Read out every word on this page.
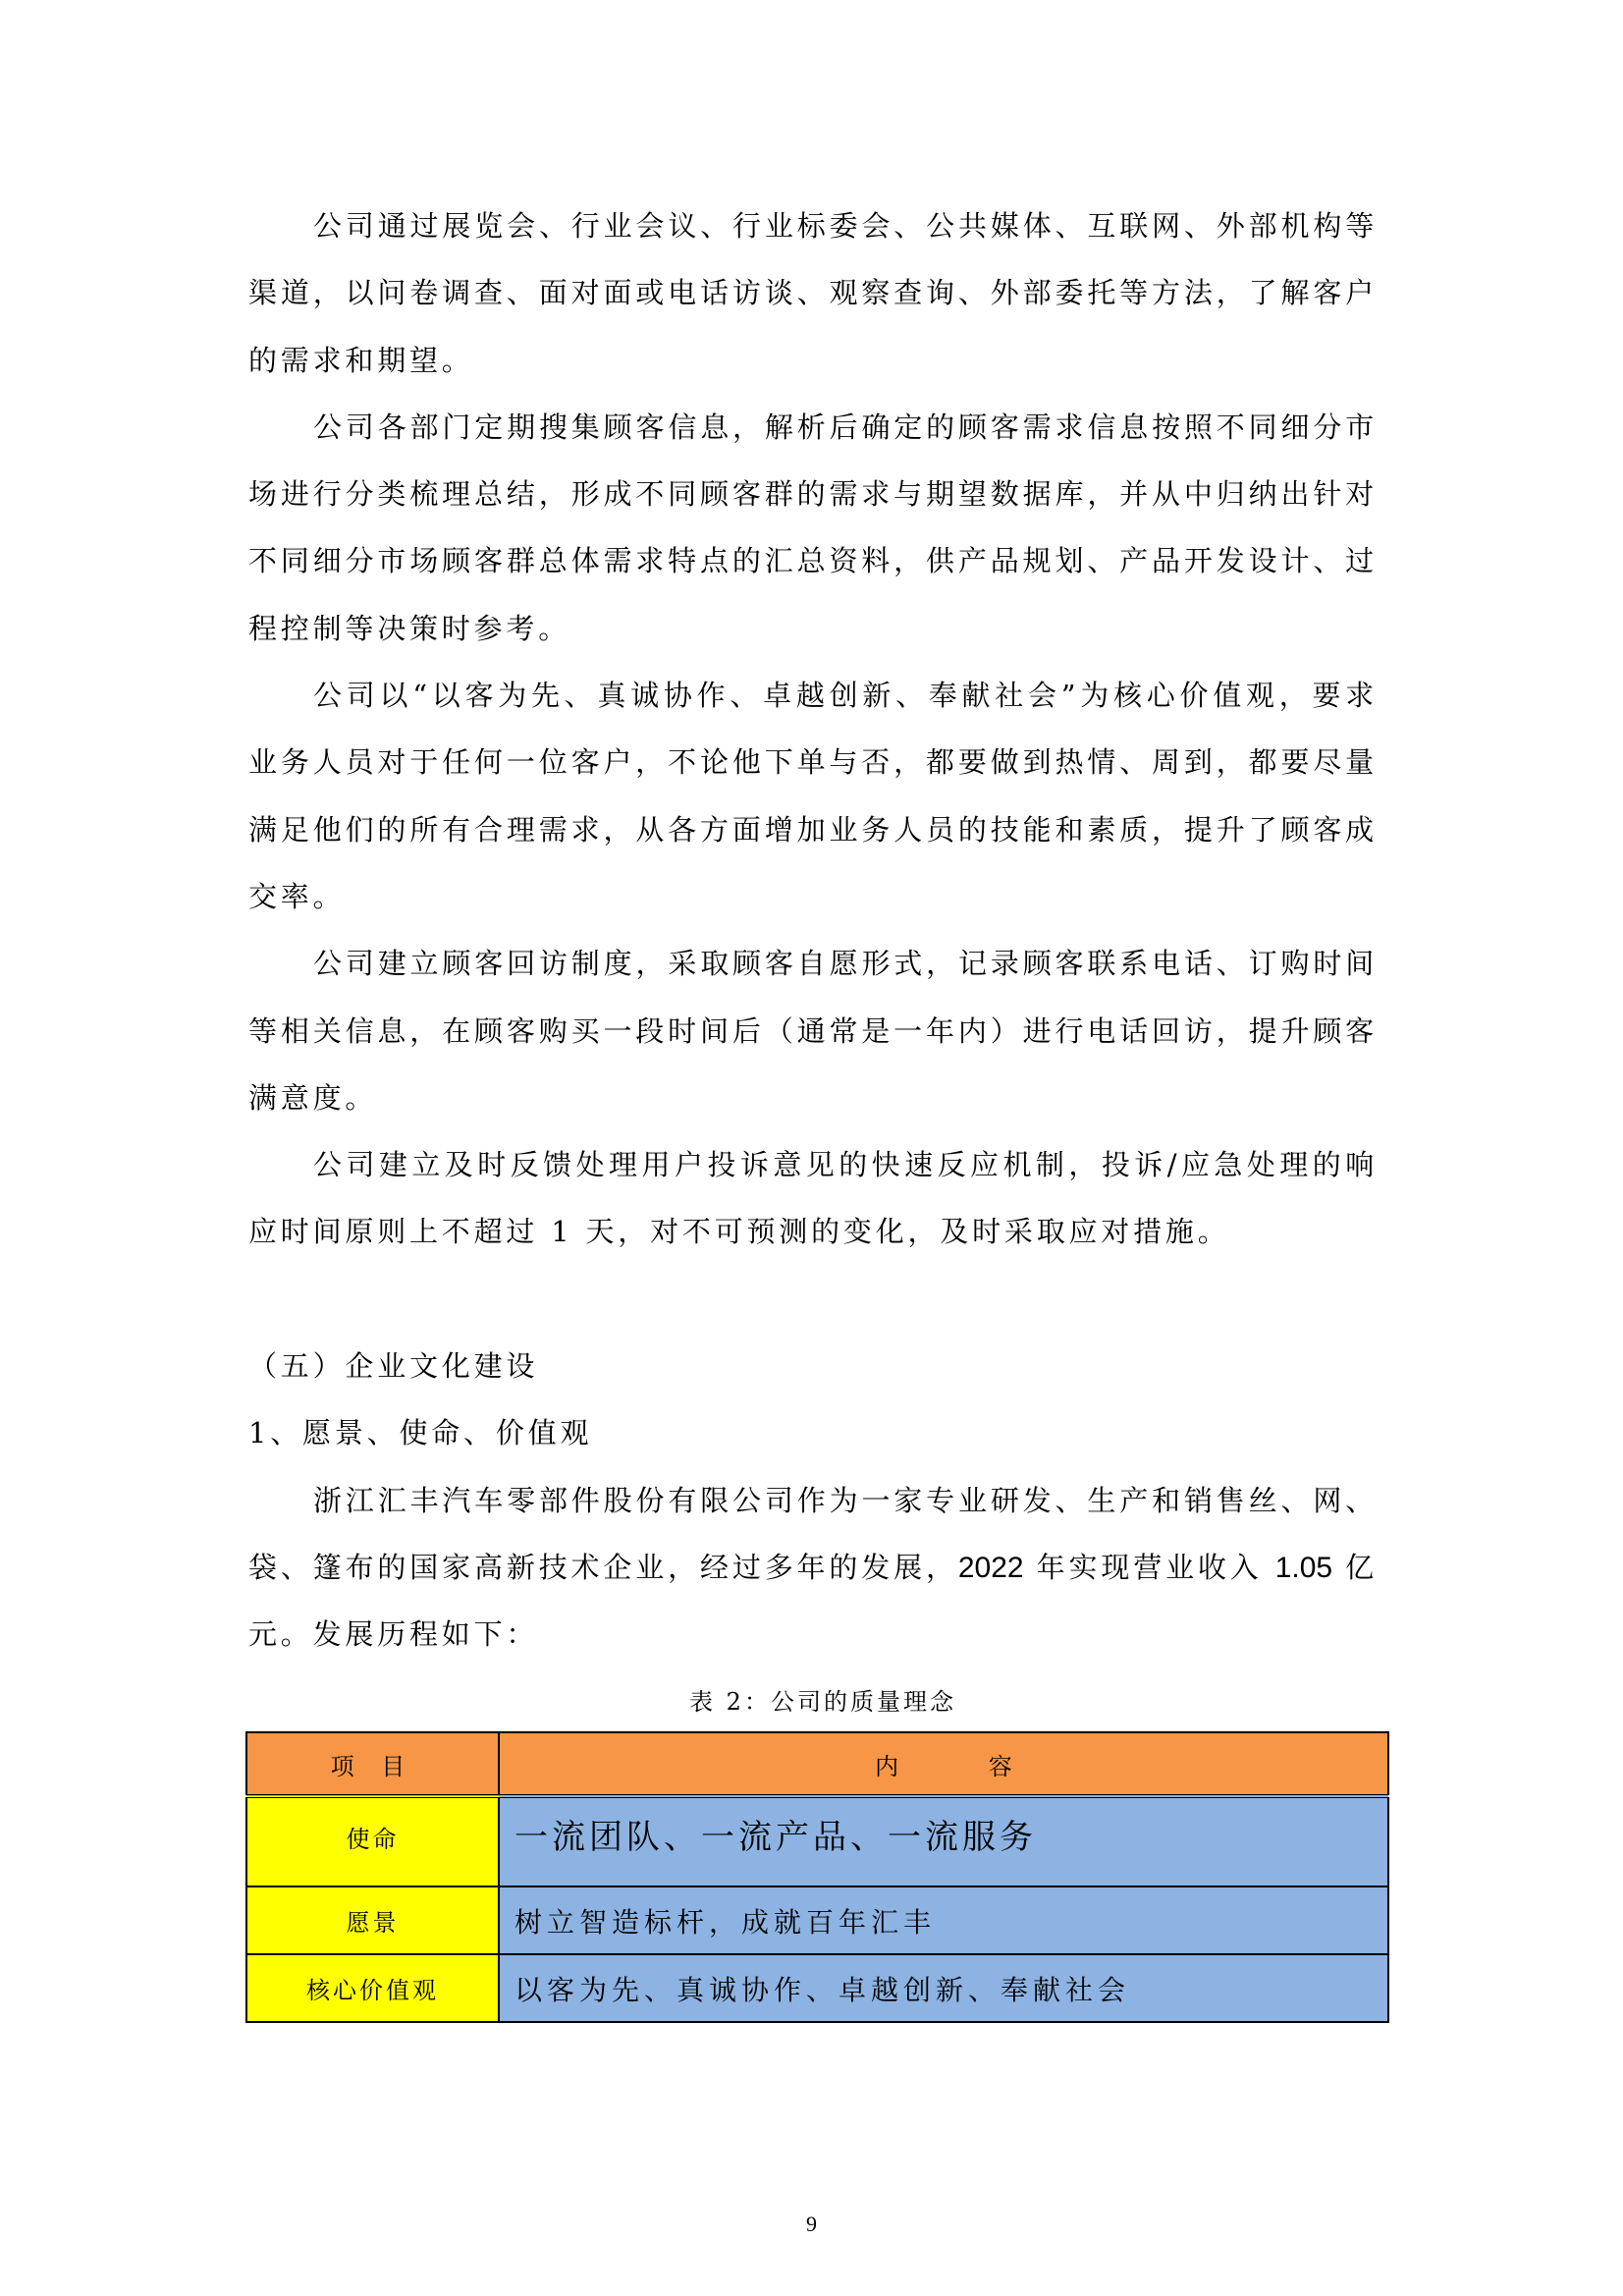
公司通过展览会、行业会议、行业标委会、公共媒体、互联网、外部机构等
渠道，以问卷调查、面对面或电话访谈、观察查询、外部委托等方法，了解客户
的需求和期望。
公司各部门定期搜集顾客信息，解析后确定的顾客需求信息按照不同细分市
场进行分类梳理总结，形成不同顾客群的需求与期望数据库，并从中归纳出针对
不同细分市场顾客群总体需求特点的汇总资料，供产品规划、产品开发设计、过
程控制等决策时参考。
公司以“以客为先、真诚协作、卓越创新、奉献社会”为核心价值观，要求
业务人员对于任何一位客户，不论他下单与否，都要做到热情、周到，都要尽量
满足他们的所有合理需求，从各方面增加业务人员的技能和素质，提升了顾客成
交率。
公司建立顾客回访制度，采取顾客自愿形式，记录顾客联系电话、订购时间
等相关信息，在顾客购买一段时间后（通常是一年内）进行电话回访，提升顾客
满意度。
公司建立及时反馈处理用户投诉意见的快速反应机制，投诉/应急处理的响
应时间原则上不超过 1 天，对不可预测的变化，及时采取应对措施。
（五）企业文化建设
1、愿景、使命、价值观
浙江汇丰汽车零部件股份有限公司作为一家专业研发、生产和销售丝、网、
袋、篷布的国家高新技术企业，经过多年的发展，2022 年实现营业收入 1.05 亿
元。发展历程如下：
表 2：公司的质量理念
项 目	内 容
使命	一流团队、一流产品、一流服务
愿景	树立智造标杆，成就百年汇丰
核心价值观	以客为先、真诚协作、卓越创新、奉献社会
9
